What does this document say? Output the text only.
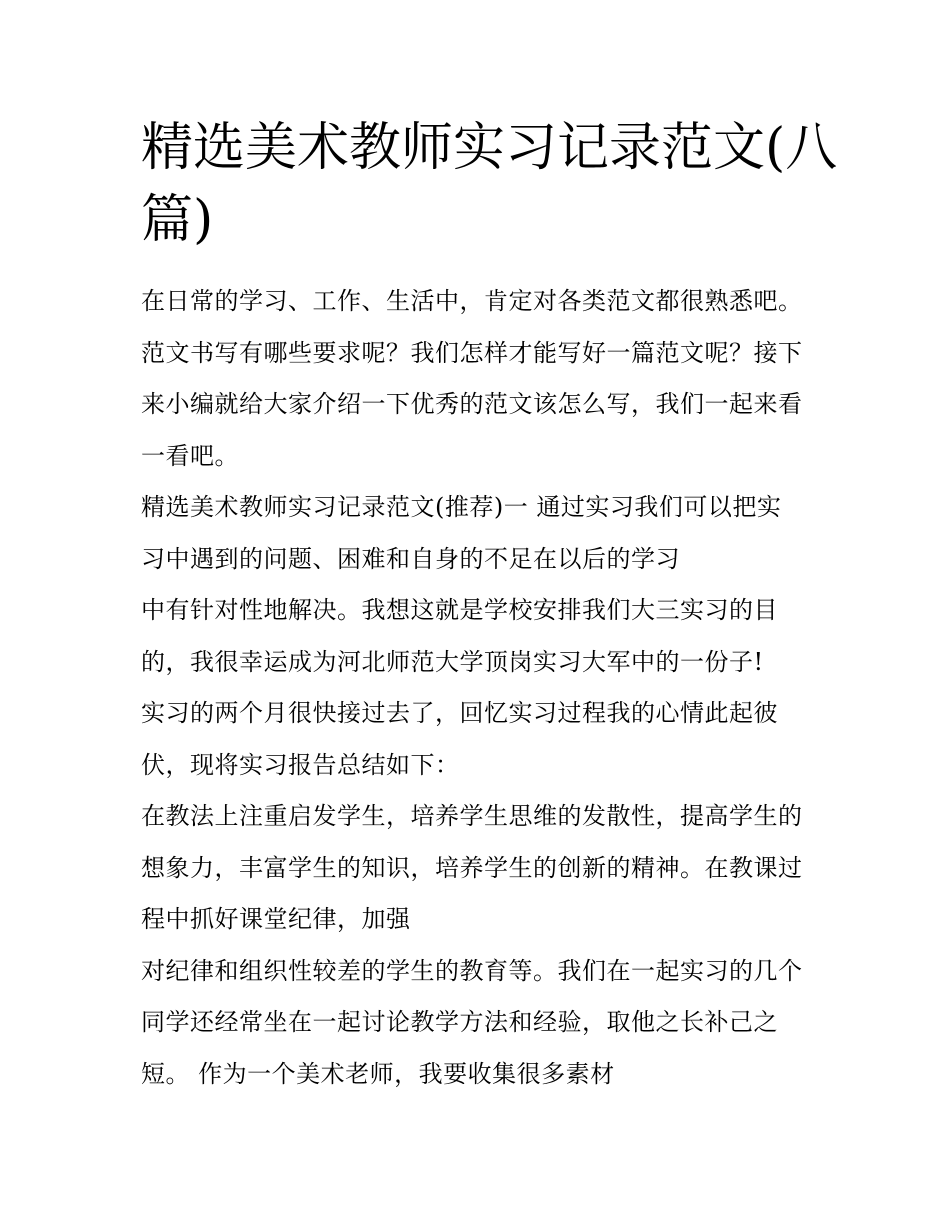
精选美术教师实习记录范文(八
篇)
在日常的学习、工作、生活中，肯定对各类范文都很熟悉吧。
范文书写有哪些要求呢？我们怎样才能写好一篇范文呢？接下
来小编就给大家介绍一下优秀的范文该怎么写，我们一起来看
一看吧。
精选美术教师实习记录范文(推荐)一 通过实习我们可以把实
习中遇到的问题、困难和自身的不足在以后的学习
中有针对性地解决。我想这就是学校安排我们大三实习的目
的，我很幸运成为河北师范大学顶岗实习大军中的一份子!
实习的两个月很快接过去了，回忆实习过程我的心情此起彼
伏，现将实习报告总结如下：
在教法上注重启发学生，培养学生思维的发散性，提高学生的
想象力，丰富学生的知识，培养学生的创新的精神。在教课过
程中抓好课堂纪律，加强
对纪律和组织性较差的学生的教育等。我们在一起实习的几个
同学还经常坐在一起讨论教学方法和经验，取他之长补己之
短。 作为一个美术老师，我要收集很多素材
